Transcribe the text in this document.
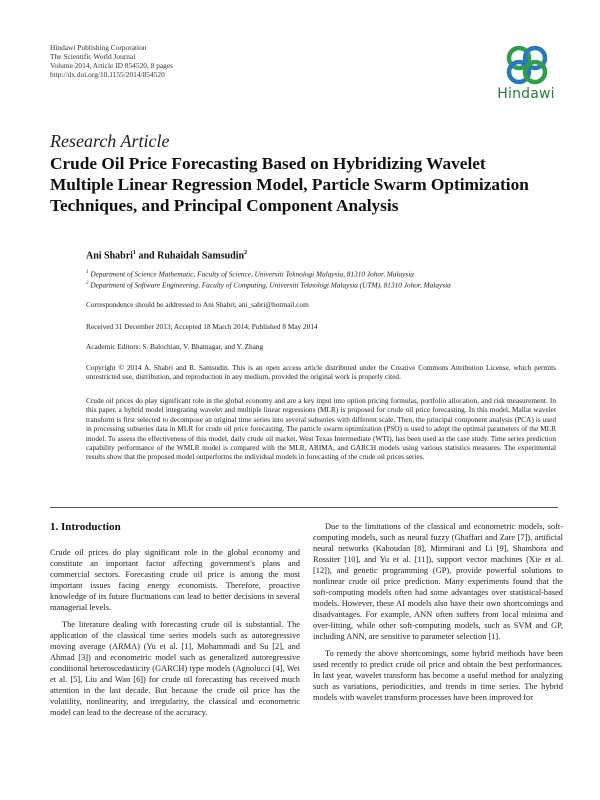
Hindawi Publishing Corporation
The Scientific World Journal
Volume 2014, Article ID 854520, 8 pages
http://dx.doi.org/10.1155/2014/854520
Hindawi
Research Article
Crude Oil Price Forecasting Based on Hybridizing Wavelet
Multiple Linear Regression Model, Particle Swarm Optimization
Techniques, and Principal Component Analysis
Ani Shabri$^1$ and Ruhaidah Samsudin$^2$
$^1$ Department of Science Mathematic, Faculty of Science, Universiti Teknologi Malaysia, 81310 Johor, Malaysia
$^2$ Department of Software Engineering, Faculty of Computing, Universiti Teknologi Malaysia (UTM), 81310 Johor, Malaysia
Correspondence should be addressed to Ani Shabri; ani_sabri@hotmail.com
Received 31 December 2013; Accepted 18 March 2014; Published 8 May 2014
Academic Editors: S. Balochian, V. Bhatnagar, and Y. Zhang
Copyright © 2014 A. Shabri and R. Samsudin. This is an open access article distributed under the Creative Commons Attribution License, which permits unrestricted use, distribution, and reproduction in any medium, provided the original work is properly cited.
Crude oil prices do play significant role in the global economy and are a key input into option pricing formulas, portfolio allocation, and risk measurement. In this paper, a hybrid model integrating wavelet and multiple linear regressions (MLR) is proposed for crude oil price forecasting. In this model, Mallat wavelet transform is first selected to decompose an original time series into several subseries with different scale. Then, the principal component analysis (PCA) is used in processing subseries data in MLR for crude oil price forecasting. The particle swarm optimization (PSO) is used to adopt the optimal parameters of the MLR model. To assess the effectiveness of this model, daily crude oil market, West Texas Intermediate (WTI), has been used as the case study. Time series prediction capability performance of the WMLR model is compared with the MLR, ARIMA, and GARCH models using various statistics measures. The experimental results show that the proposed model outperforms the individual models in forecasting of the crude oil prices series.
1. Introduction

Crude oil prices do play significant role in the global economy and constitute an important factor affecting government's plans and commercial sectors. Forecasting crude oil price is among the most important issues facing energy economists. Therefore, proactive knowledge of its future fluctuations can lead to better decisions in several managerial levels.

The literature dealing with forecasting crude oil is substantial. The application of the classical time series models such as autoregressive moving average (ARMA) (Yu et al. [1], Mohammadi and Su [2], and Ahmad [3]) and econometric model such as generalized autoregressive conditional heteroscedasticity (GARCH) type models (Agnolucci [4], Wei et al. [5], Liu and Wan [6]) for crude oil forecasting has received much attention in the last decade. But because the crude oil price has the volatility, nonlinearity, and irregularity, the classical and econometric model can lead to the decrease of the accuracy.

Due to the limitations of the classical and econometric models, soft-computing models, such as neural fuzzy (Ghaffari and Zare [7]), artificial neural networks (Kaboudan [8], Mirmirani and Li [9], Shambora and Rossiter [10], and Yu et al. [11]), support vector machines (Xie et al. [12]), and genetic programming (GP), provide powerful solutions to nonlinear crude oil price prediction. Many experiments found that the soft-computing models often had some advantages over statistical-based models. However, these AI models also have their own shortcomings and disadvantages. For example, ANN often suffers from local minima and over-fitting, while other soft-computing models, such as SVM and GP, including ANN, are sensitive to parameter selection [1].

To remedy the above shortcomings, some hybrid methods have been used recently to predict crude oil price and obtain the best performances. In last year, wavelet transform has become a useful method for analyzing such as variations, periodicities, and trends in time series. The hybrid models with wavelet transform processes have been improved for
